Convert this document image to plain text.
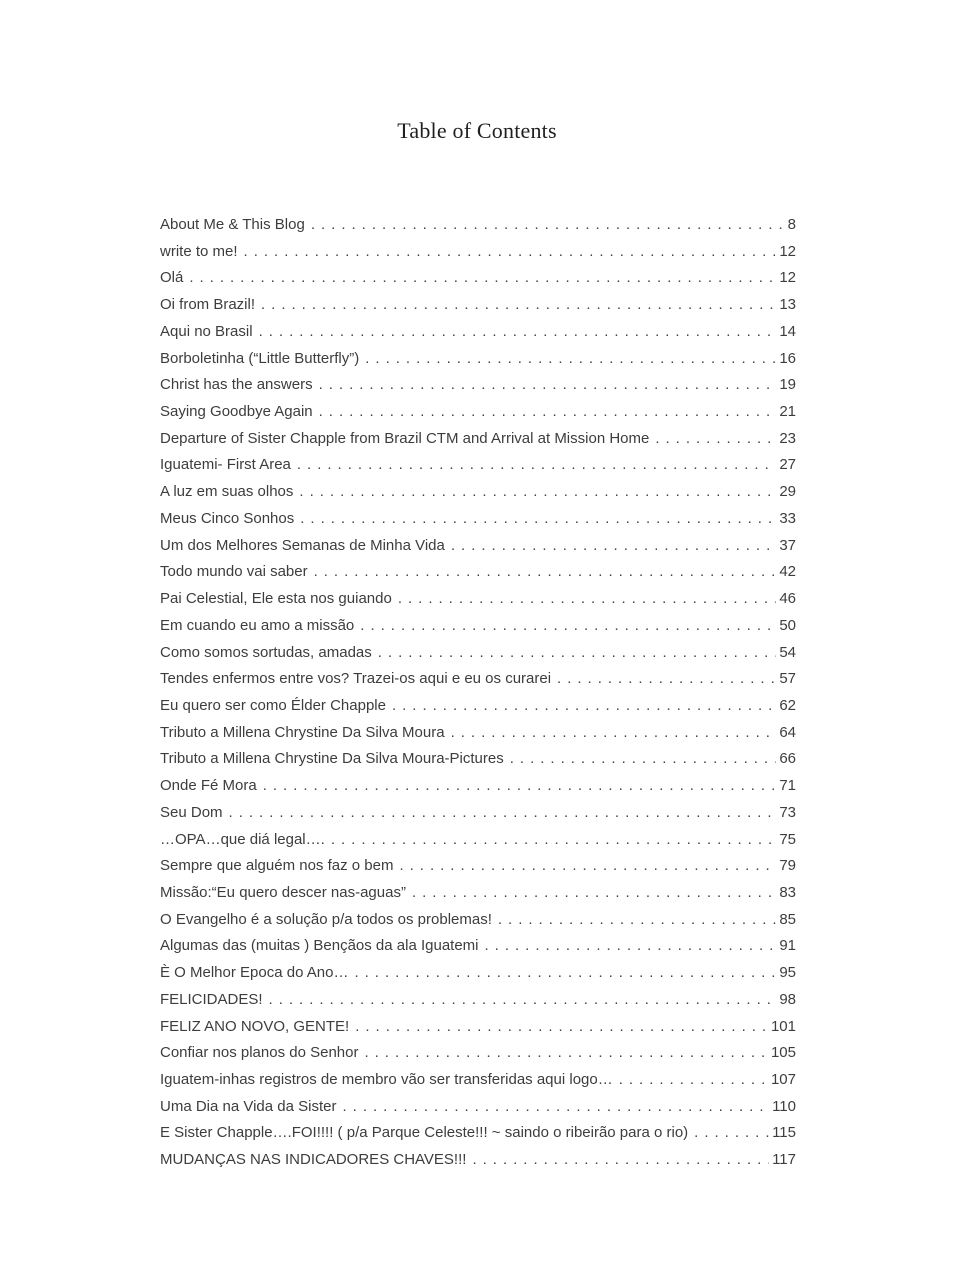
Table of Contents
About Me & This Blog .....	8
write to me! .....	12
Olá .....	12
Oi from Brazil! .....	13
Aqui no Brasil .....	14
Borboletinha (“Little Butterfly”) .....	16
Christ has the answers .....	19
Saying Goodbye Again .....	21
Departure of Sister Chapple from Brazil CTM and Arrival at Mission Home .....	23
Iguatemi- First Area .....	27
A luz em suas olhos .....	29
Meus Cinco Sonhos .....	33
Um dos Melhores Semanas de Minha Vida .....	37
Todo mundo vai saber .....	42
Pai Celestial, Ele esta nos guiando .....	46
Em cuando eu amo a missão .....	50
Como somos sortudas, amadas .....	54
Tendes enfermos entre vos? Trazei-os aqui e eu os curarei .....	57
Eu quero ser como Élder Chapple .....	62
Tributo a Millena Chrystine Da Silva Moura .....	64
Tributo a Millena Chrystine Da Silva Moura-Pictures .....	66
Onde Fé Mora .....	71
Seu Dom .....	73
…OPA…que diá legal…. .....	75
Sempre que alguém nos faz o bem .....	79
Missão:“Eu quero descer nas-aguas” .....	83
O Evangelho é a solução p/a todos os problemas! .....	85
Algumas das (muitas ) Bençãos da ala Iguatemi .....	91
È O Melhor Epoca do Ano… .....	95
FELICIDADES! .....	98
FELIZ ANO NOVO, GENTE! .....	101
Confiar nos planos do Senhor .....	105
Iguatem-inhas registros de membro vão ser transferidas aqui logo… .....	107
Uma Dia na Vida da Sister .....	110
E Sister Chapple….FOI!!!! ( p/a Parque Celeste!!! ~ saindo o ribeirão para o rio) .....	115
MUDANÇAS NAS INDICADORES CHAVES!!! .....	117
